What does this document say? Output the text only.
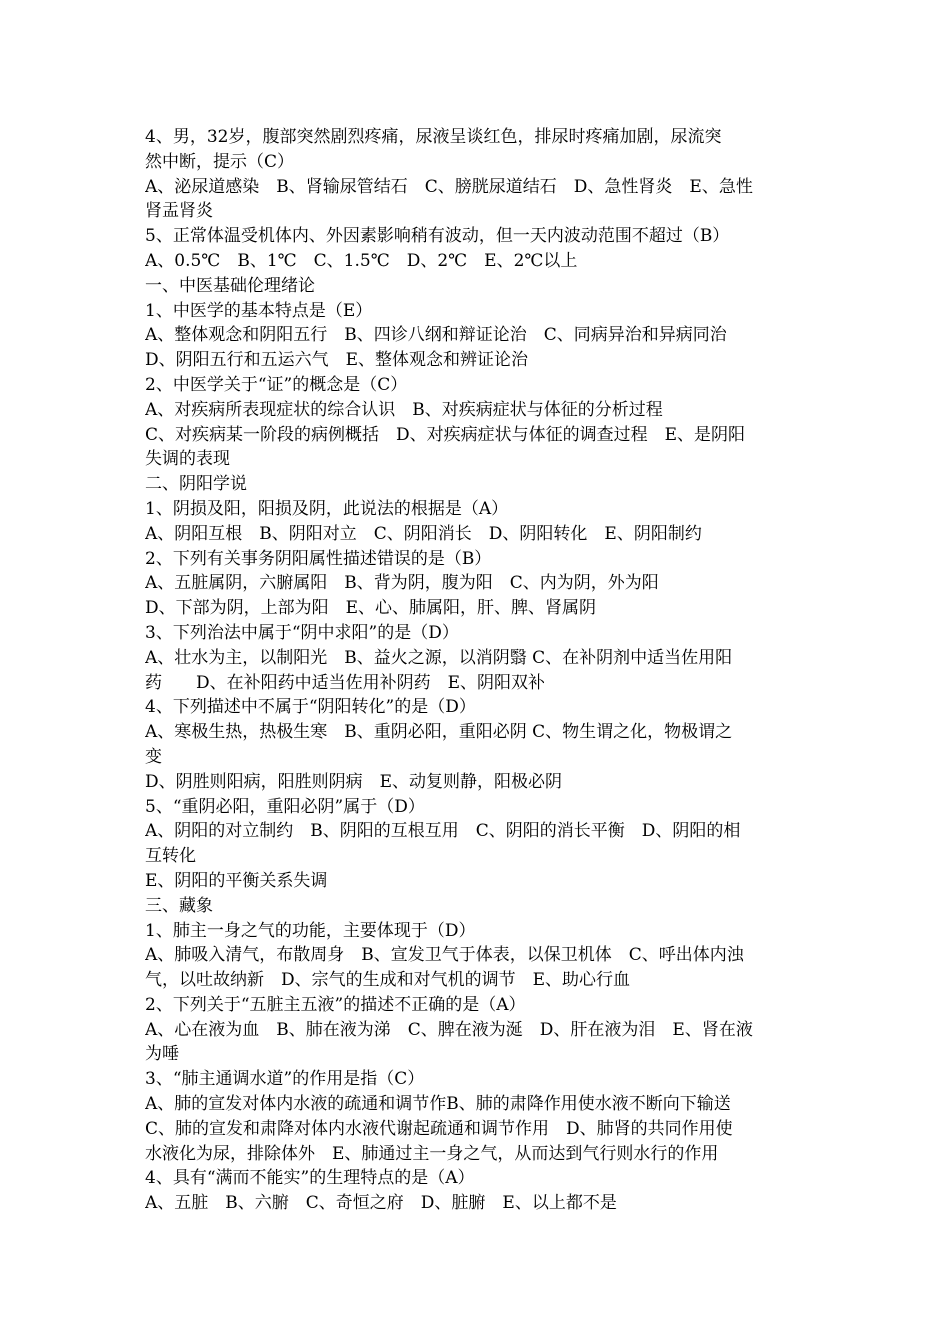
4、男，32岁，腹部突然剧烈疼痛，尿液呈谈红色，排尿时疼痛加剧，尿流突
然中断，提示（C）
A、泌尿道感染　B、肾输尿管结石　C、膀胱尿道结石　D、急性肾炎　E、急性
肾盂肾炎
5、正常体温受机体内、外因素影响稍有波动，但一天内波动范围不超过（B）
A、0.5℃　B、1℃　C、1.5℃　D、2℃　E、2℃以上
一、中医基础伦理绪论
1、中医学的基本特点是（E）
A、整体观念和阴阳五行　B、四诊八纲和辩证论治　C、同病异治和异病同治
D、阴阳五行和五运六气　E、整体观念和辨证论治
2、中医学关于“证”的概念是（C）
A、对疾病所表现症状的综合认识　B、对疾病症状与体征的分析过程
C、对疾病某一阶段的病例概括　D、对疾病症状与体征的调查过程　E、是阴阳
失调的表现
二、阴阳学说
1、阴损及阳，阳损及阴，此说法的根据是（A）
A、阴阳互根　B、阴阳对立　C、阴阳消长　D、阴阳转化　E、阴阳制约
2、下列有关事务阴阳属性描述错误的是（B）
A、五脏属阴，六腑属阳　B、背为阴，腹为阳　C、内为阴，外为阳
D、下部为阴，上部为阳　E、心、肺属阳，肝、脾、肾属阴
3、下列治法中属于“阴中求阳”的是（D）
A、壮水为主，以制阳光　B、益火之源，以消阴翳 C、在补阴剂中适当佐用阳
药　　D、在补阳药中适当佐用补阴药　E、阴阳双补
4、下列描述中不属于“阴阳转化”的是（D）
A、寒极生热，热极生寒　B、重阴必阳，重阳必阴 C、物生谓之化，物极谓之
变
D、阴胜则阳病，阳胜则阴病　E、动复则静，阳极必阴
5、“重阴必阳，重阳必阴”属于（D）
A、阴阳的对立制约　B、阴阳的互根互用　C、阴阳的消长平衡　D、阴阳的相
互转化
E、阴阳的平衡关系失调
三、藏象
1、肺主一身之气的功能，主要体现于（D）
A、肺吸入清气，布散周身　B、宣发卫气于体表，以保卫机体　C、呼出体内浊
气，以吐故纳新　D、宗气的生成和对气机的调节　E、助心行血
2、下列关于“五脏主五液”的描述不正确的是（A）
A、心在液为血　B、肺在液为涕　C、脾在液为涎　D、肝在液为泪　E、肾在液
为唾
3、“肺主通调水道”的作用是指（C）
A、肺的宣发对体内水液的疏通和调节作B、肺的肃降作用使水液不断向下输送
C、肺的宣发和肃降对体内水液代谢起疏通和调节作用　D、肺肾的共同作用使
水液化为尿，排除体外　E、肺通过主一身之气，从而达到气行则水行的作用
4、具有“满而不能实”的生理特点的是（A）
A、五脏　B、六腑　C、奇恒之府　D、脏腑　E、以上都不是
